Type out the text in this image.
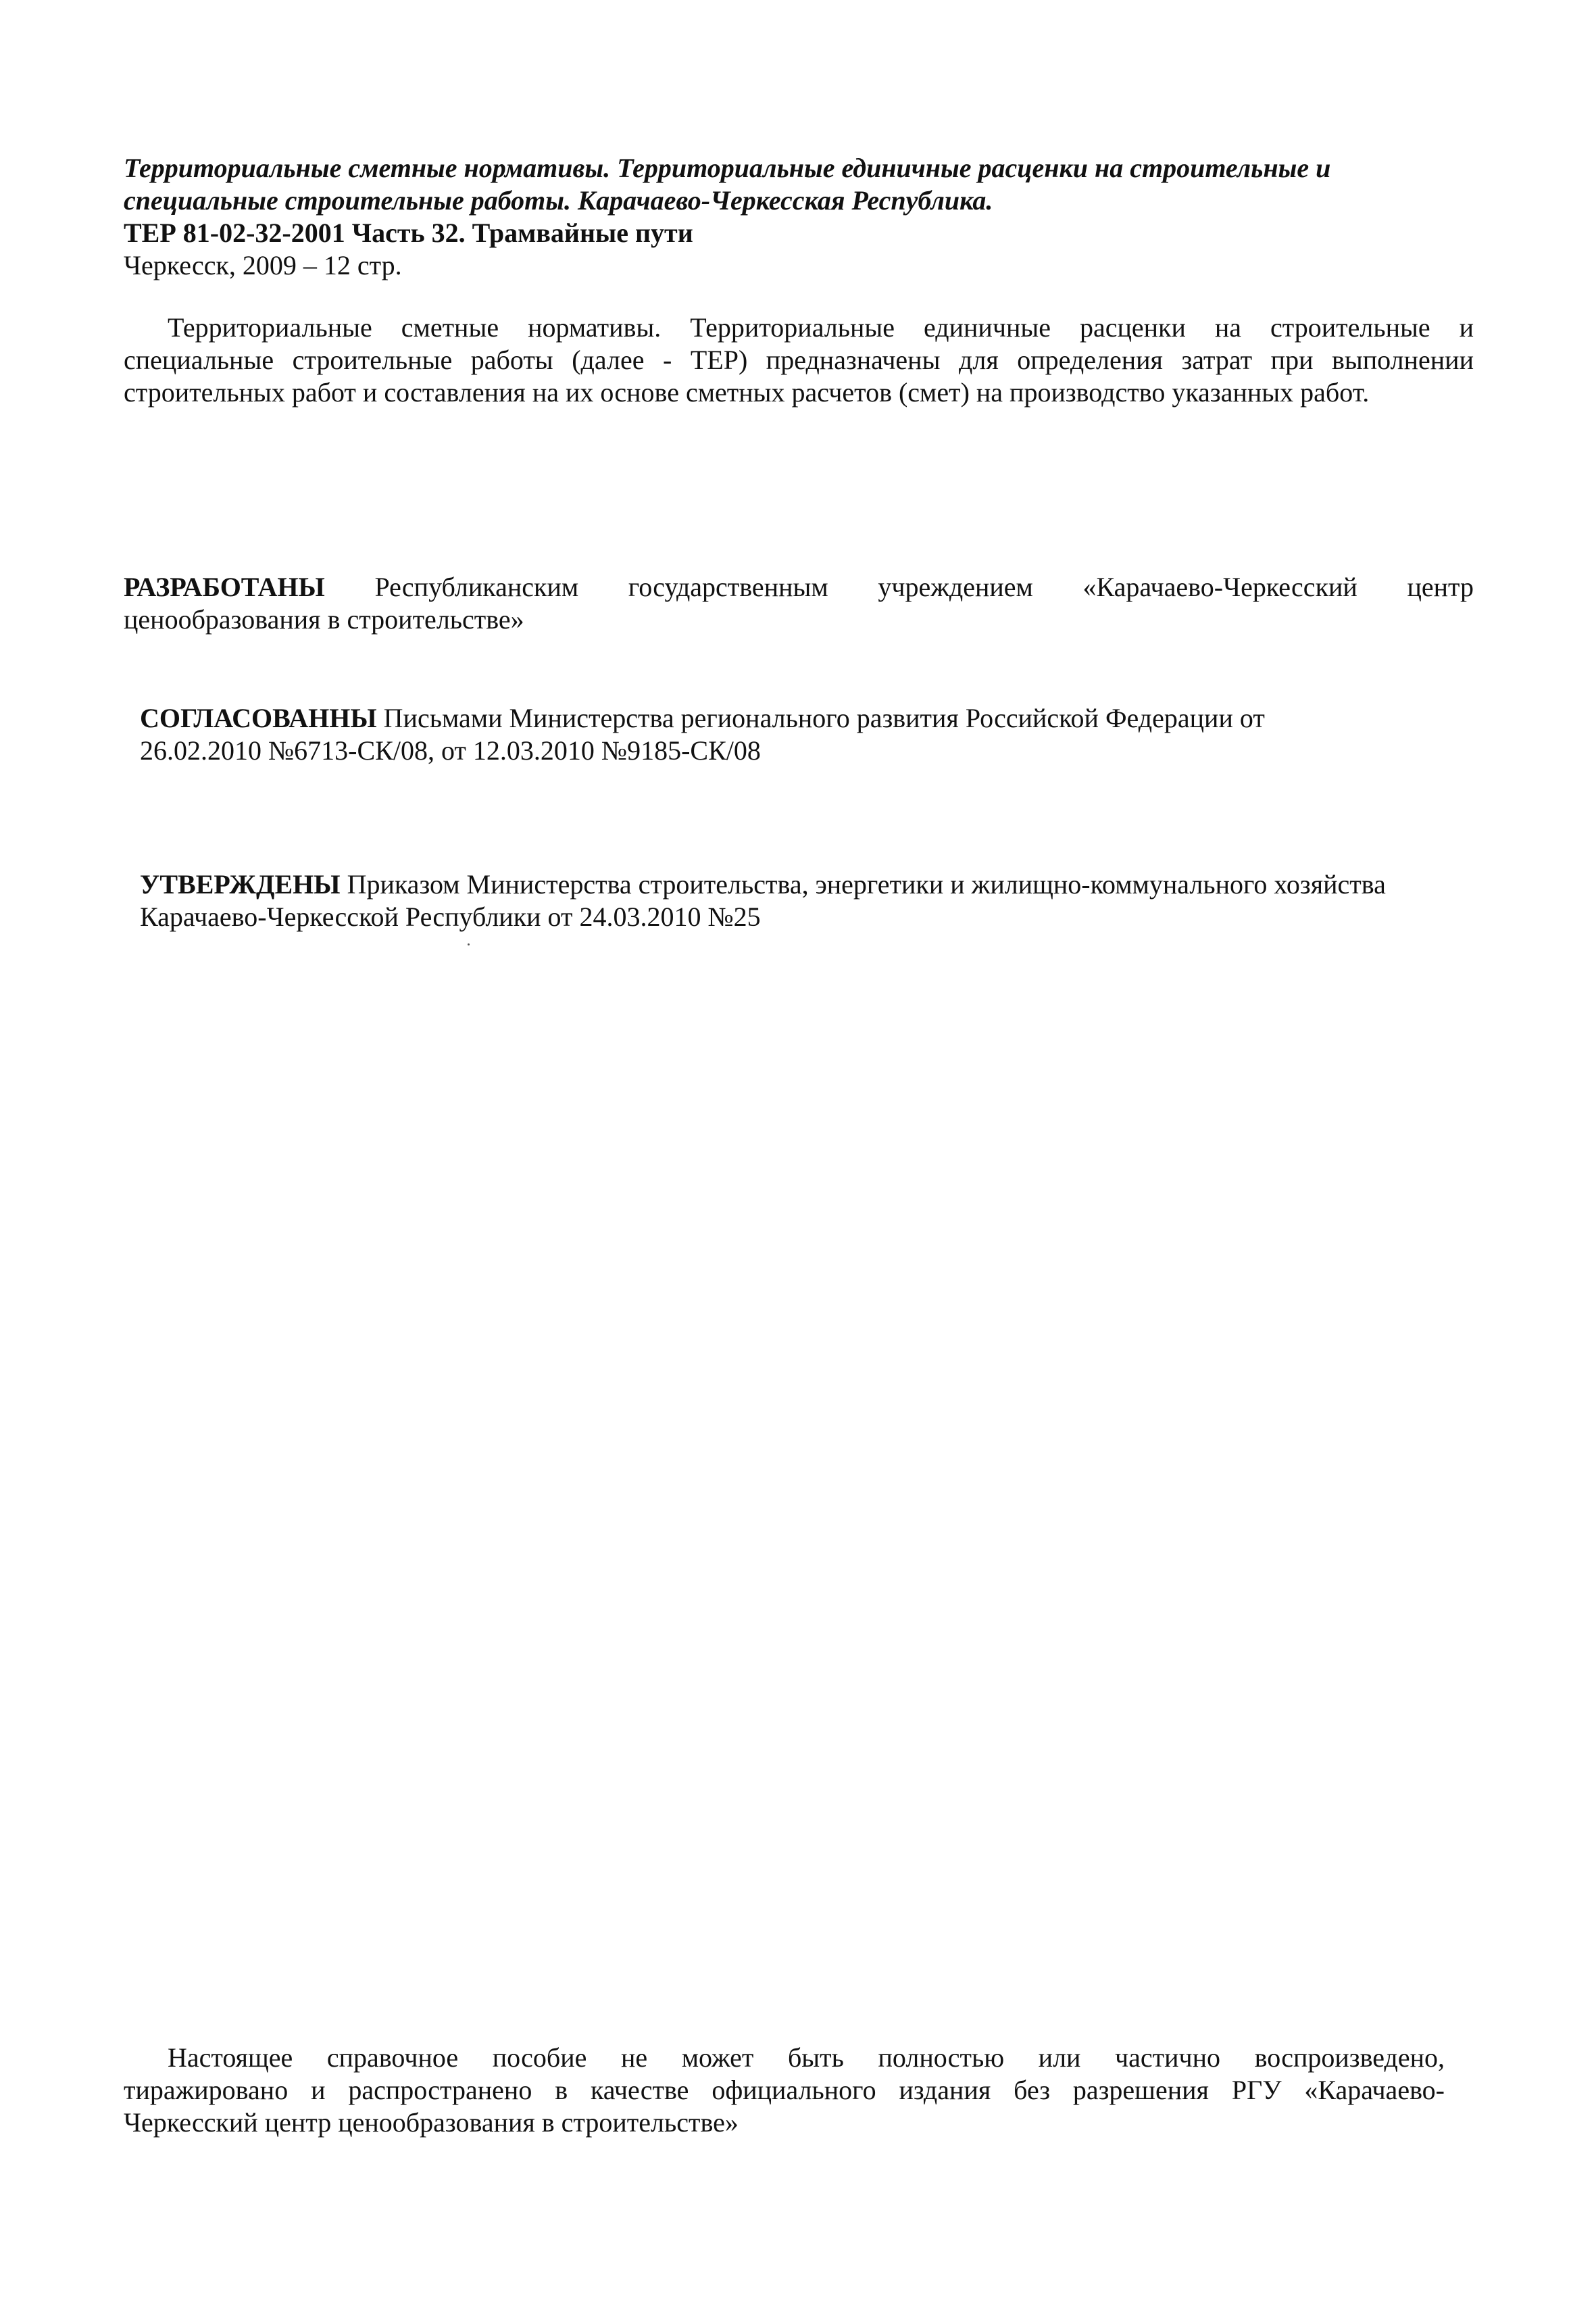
Территориальные сметные нормативы. Территориальные единичные расценки на строительные и
специальные строительные работы. Карачаево-Черкесская Республика.
ТЕР 81-02-32-2001 Часть 32. Трамвайные пути
Черкесск, 2009 – 12 стр.
Территориальные сметные нормативы. Территориальные единичные расценки на строительные и
специальные строительные работы (далее - ТЕР) предназначены для определения затрат при выполнении
строительных работ и составления на их основе сметных расчетов (смет) на производство указанных работ.
РАЗРАБОТАНЫ Республиканским государственным учреждением «Карачаево-Черкесский центр
ценообразования в строительстве»
СОГЛАСОВАННЫ Письмами Министерства регионального развития Российской Федерации от
26.02.2010 №6713-СК/08, от 12.03.2010 №9185-СК/08
УТВЕРЖДЕНЫ Приказом Министерства строительства, энергетики и жилищно-коммунального хозяйства
Карачаево-Черкесской Республики от 24.03.2010 №25
Настоящее справочное пособие не может быть полностью или частично воспроизведено,
тиражировано и распространено в качестве официального издания без разрешения РГУ «Карачаево-
Черкесский центр ценообразования в строительстве»
